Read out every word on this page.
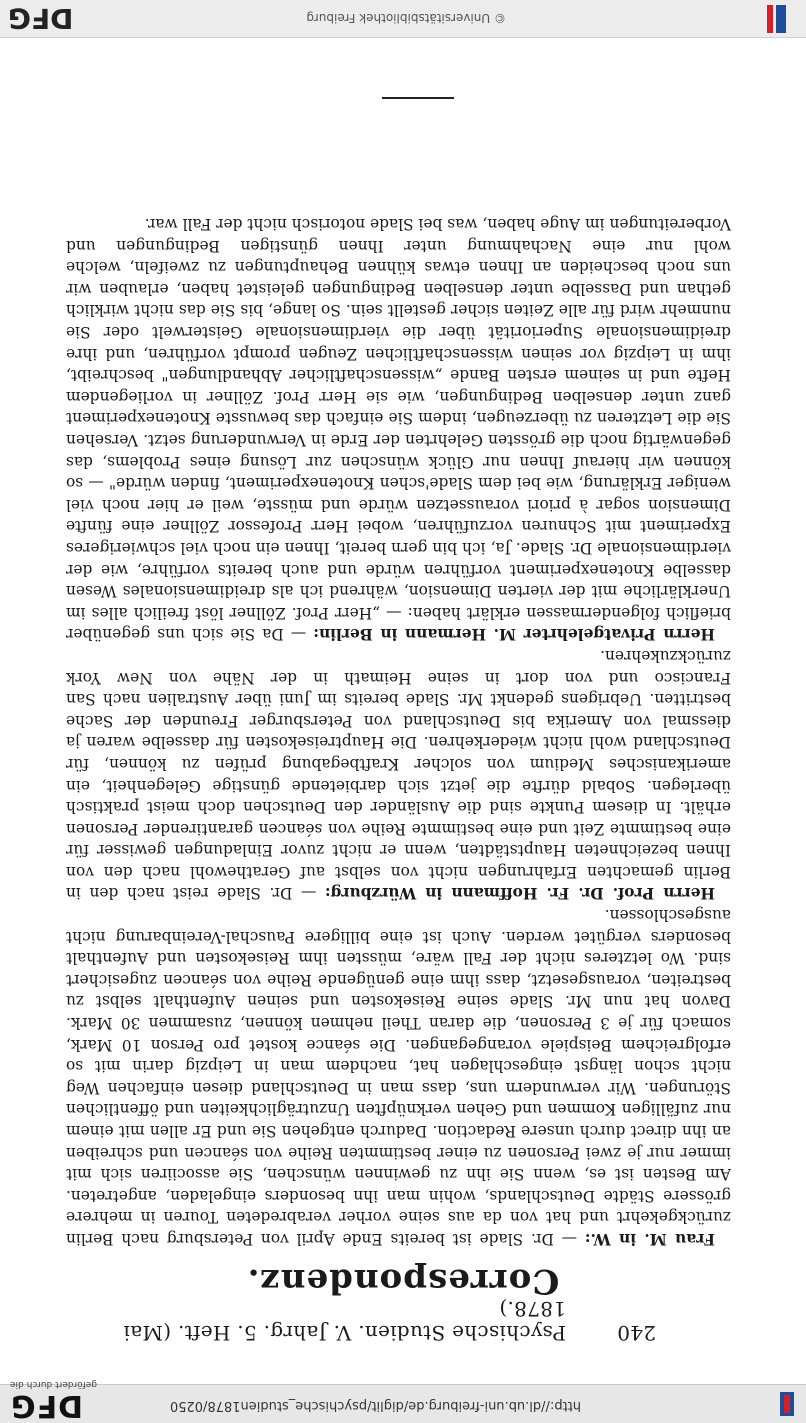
http://dl.ub.uni-freiburg.de/diglit/psychische_studien1878/0250
DFG
gefördert durch die
240
Psychische Studien. V. Jahrg. 5. Heft. (Mai 1878.)
Correspondenz.

Frau M. in W.: — Dr. Slade ist bereits Ende April von Petersburg nach Berlin zurückgekehrt und hat von da aus seine vorher verabredeten Touren in mehrere grössere Städte Deutschlands, wohin man ihn besonders eingeladen, angetreten. Am Besten ist es, wenn Sie ihn zu gewinnen wünschen, Sie associiren sich mit immer nur je zwei Personen zu einer bestimmten Reihe von séancen und schreiben an ihn direct durch unsere Redaction. Dadurch entgehen Sie und Er allen mit einem nur zufälligen Kommen und Gehen verknüpften Unzuträglichkeiten und öffentlichen Störungen. Wir verwundern uns, dass man in Deutschland diesen einfachen Weg nicht schon längst eingeschlagen hat, nachdem man in Leipzig darin mit so erfolgreichem Beispiele vorangegangen. Die séance kostet pro Person 10 Mark, somach für je 3 Personen, die daran Theil nehmen können, zusammen 30 Mark. Davon hat nun Mr. Slade seine Reisekosten und seinen Aufenthalt selbst zu bestreiten, vorausgesetzt, dass ihm eine genügende Reihe von séancen zugesichert sind. Wo letzteres nicht der Fall wäre, müssten ihm Reisekosten und Aufenthalt besonders vergütet werden. Auch ist eine billigere Pauschal-Vereinbarung nicht ausgeschlossen.

Herrn Prof. Dr. Fr. Hoffmann in Würzburg: — Dr. Slade reist nach den in Berlin gemachten Erfahrungen nicht von selbst auf Gerathewohl nach den von Ihnen bezeichneten Hauptstädten, wenn er nicht zuvor Einladungen gewisser für eine bestimmte Zeit und eine bestimmte Reihe von séancen garantirender Personen erhält. In diesem Punkte sind die Ausländer den Deutschen doch meist praktisch überlegen. Sobald dürfte die jetzt sich darbietende günstige Gelegenheit, ein amerikanisches Medium von solcher Kraftbegabung prüfen zu können, für Deutschland wohl nicht wiederkehren. Die Hauptreisekosten für dasselbe waren ja diessmal von Amerika bis Deutschland von Petersburger Freunden der Sache bestritten. Uebrigens gedenkt Mr. Slade bereits im Juni über Australien nach San Francisco und von dort in seine Heimath in der Nähe von New York zurückzukehren.

Herrn Privatgelehrter M. Hermann in Berlin: — Da Sie sich uns gegenüber brieflich folgendermassen erklärt haben: — „Herr Prof. Zöllner löst freilich alles im Unerklärliche mit der vierten Dimension, während ich als dreidimensionales Wesen dasselbe Knotenexperiment vorführen würde und auch bereits vorführe, wie der vierdimensionale Dr. Slade. Ja, ich bin gern bereit, Ihnen ein noch viel schwierigeres Experiment mit Schnuren vorzuführen, wobei Herr Professor Zöllner eine fünfte Dimension sogar à priori voraussetzen würde und müsste, weil er hier noch viel weniger Erklärung, wie bei dem Slade'schen Knotenexperiment, finden würde" — so können wir hierauf Ihnen nur Glück wünschen zur Lösung eines Problems, das gegenwärtig noch die grössten Gelehrten der Erde in Verwunderung setzt. Versehen Sie die Letzteren zu überzeugen, indem Sie einfach das bewusste Knotenexperiment ganz unter denselben Bedingungen, wie sie Herr Prof. Zöllner in vorliegendem Hefte und in seinem ersten Bande „wissenschaftlicher Abhandlungen" beschreibt, ihm in Leipzig vor seinen wissenschaftlichen Zeugen prompt vorführen, und ihre dreidimensionale Superiorität über die vierdimensionale Geisterwelt oder Sie nunmehr wird für alle Zeiten sicher gestellt sein. So lange, bis Sie das nicht wirklich gethan und Dasselbe unter denselben Bedingungen geleistet haben, erlauben wir uns noch bescheiden an Ihnen etwas kühnen Behauptungen zu zweifeln, welche wohl nur eine Nachahmung unter Ihnen günstigen Bedingungen und Vorbereitungen im Auge haben, was bei Slade notorisch nicht der Fall war.

© Universitätsbibliothek Freiburg
DFG
